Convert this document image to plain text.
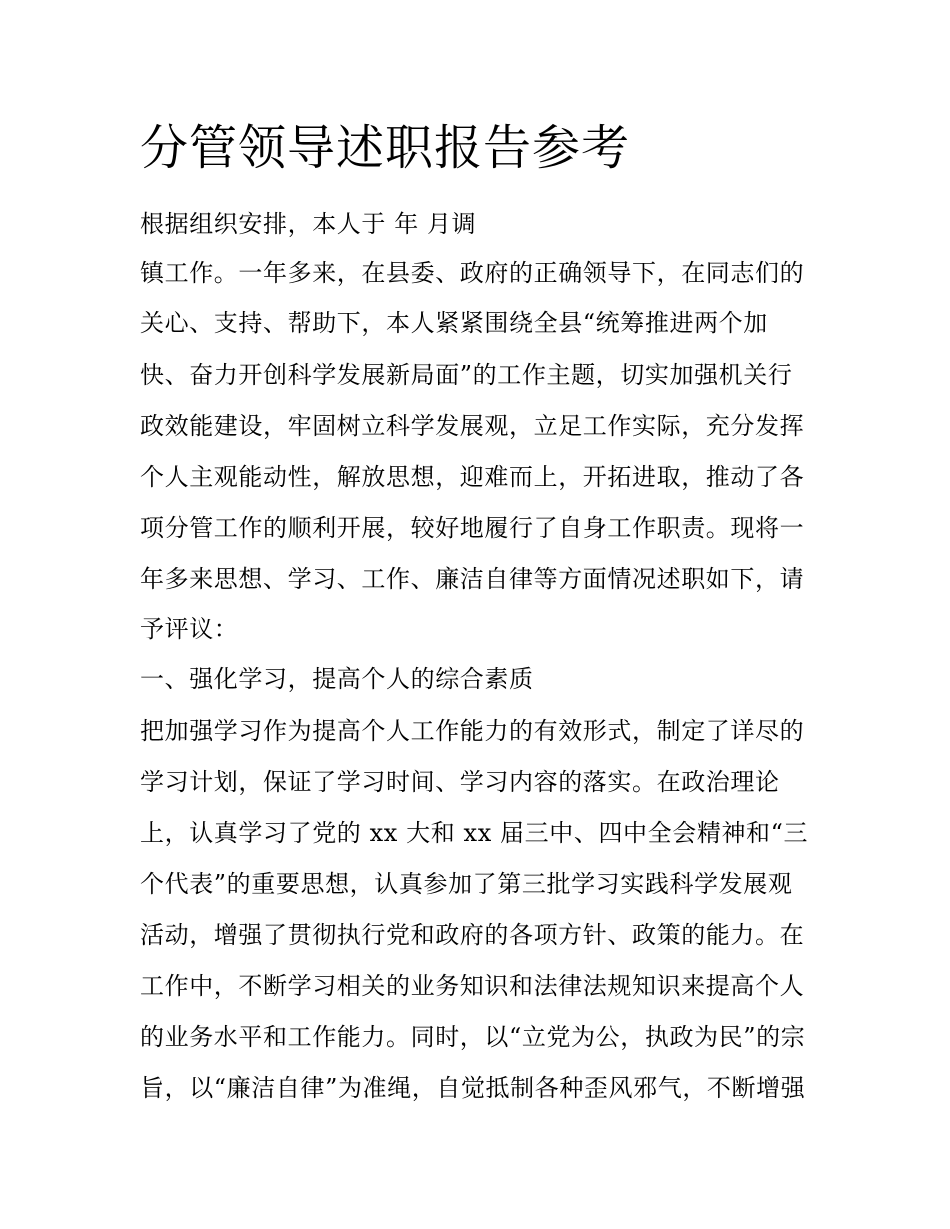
分管领导述职报告参考

根据组织安排，本人于 年 月调

镇工作。一年多来，在县委、政府的正确领导下，在同志们的

关心、支持、帮助下，本人紧紧围绕全县“统筹推进两个加

快、奋力开创科学发展新局面”的工作主题，切实加强机关行

政效能建设，牢固树立科学发展观，立足工作实际，充分发挥

个人主观能动性，解放思想，迎难而上，开拓进取，推动了各

项分管工作的顺利开展，较好地履行了自身工作职责。现将一

年多来思想、学习、工作、廉洁自律等方面情况述职如下，请

予评议：

一、强化学习，提高个人的综合素质

把加强学习作为提高个人工作能力的有效形式，制定了详尽的

学习计划，保证了学习时间、学习内容的落实。在政治理论

上，认真学习了党的 xx 大和 xx 届三中、四中全会精神和“三

个代表”的重要思想，认真参加了第三批学习实践科学发展观

活动，增强了贯彻执行党和政府的各项方针、政策的能力。在

工作中，不断学习相关的业务知识和法律法规知识来提高个人

的业务水平和工作能力。同时，以“立党为公，执政为民”的宗

旨，以“廉洁自律”为准绳，自觉抵制各种歪风邪气，不断增强
